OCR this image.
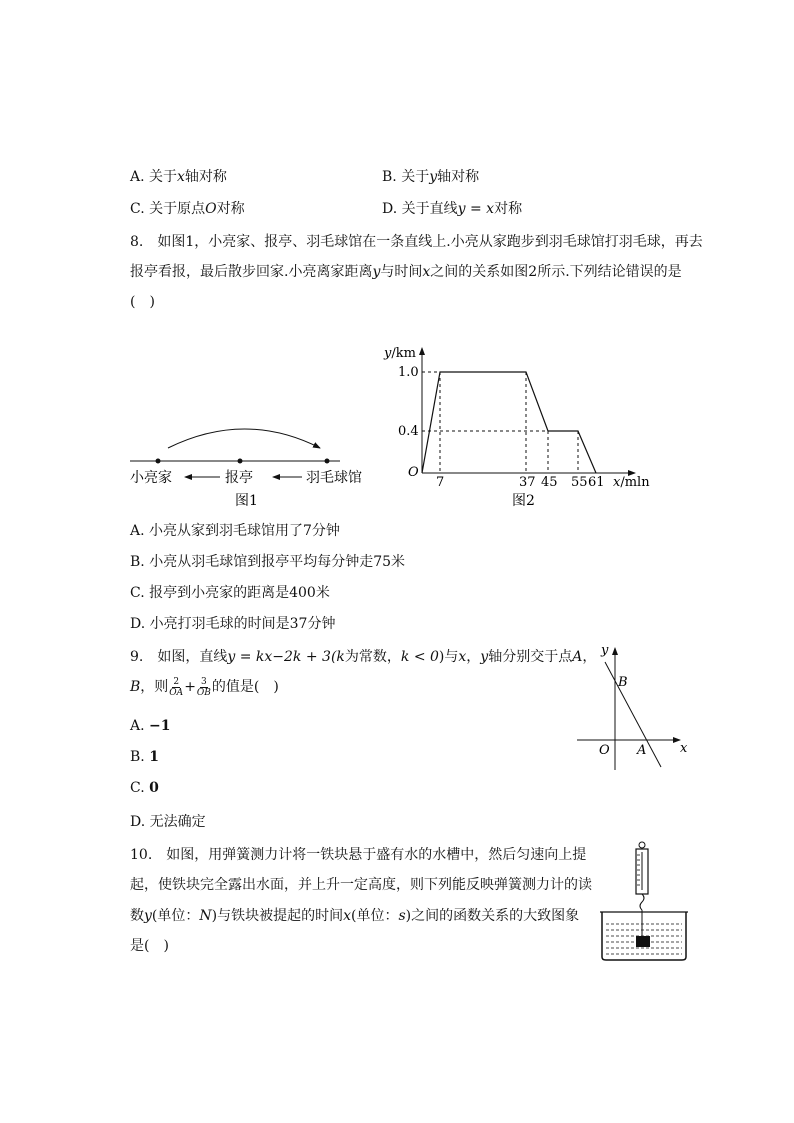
A. 关于x轴对称	B. 关于y轴对称
C. 关于原点O对称	D. 关于直线y = x对称
8.　如图1，小亮家、报亭、羽毛球馆在一条直线上.小亮从家跑步到羽毛球馆打羽毛球，再去
报亭看报，最后散步回家.小亮离家距离y与时间x之间的关系如图2所示.下列结论错误的是
(　)
小亮家	报亭	羽毛球馆
图1
y/km
x/mln
O
1.0
0.4
7	37 45 55 61
图2
A. 小亮从家到羽毛球馆用了7分钟
B. 小亮从羽毛球馆到报亭平均每分钟走75米
C. 报亭到小亮家的距离是400米
D. 小亮打羽毛球的时间是37分钟
9.　如图，直线y = kx−2k + 3(k为常数，k < 0)与x，y轴分别交于点A，
B，则 $\frac{2}{OA} + \frac{3}{OB}$ 的值是(　)
A. −1
B. 1
C. 0
D. 无法确定
y
x
O A
B
10.　如图，用弹簧测力计将一铁块悬于盛有水的水槽中，然后匀速向上提
起，使铁块完全露出水面，并上升一定高度，则下列能反映弹簧测力计的读
数y(单位：N)与铁块被提起的时间x(单位：s)之间的函数关系的大致图象
是(　)
